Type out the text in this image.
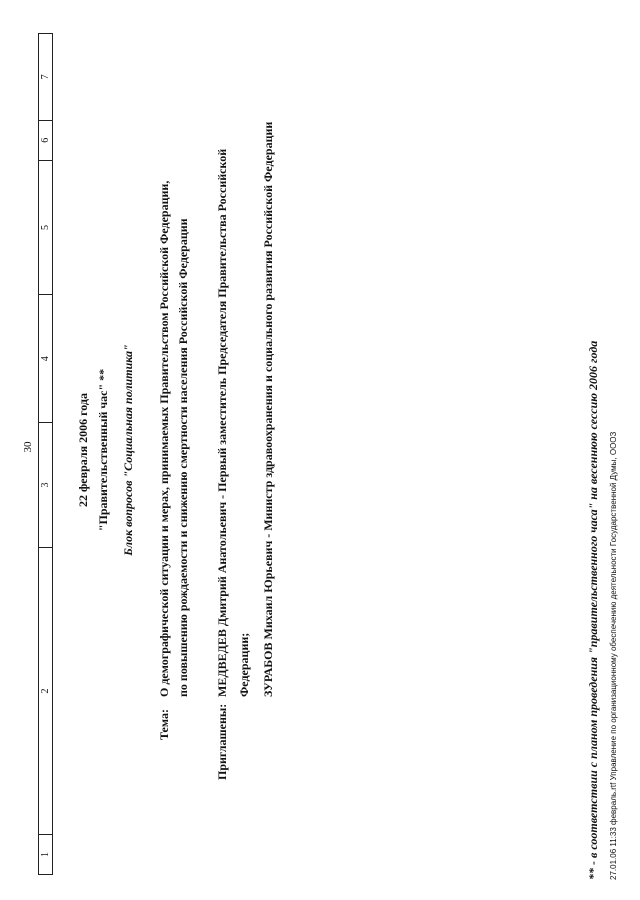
30
1
2
3
4
5
6
7
22 февраля 2006 года "Правительственный час" ** Блок вопросов "Социальная политика"
Тема:
О демографической ситуации и мерах, принимаемых Правительством Российской Федерации, по повышению рождаемости и снижению смертности населения Российской Федерации
Приглашены:
МЕДВЕДЕВ Дмитрий Анатольевич - Первый заместитель Председателя Правительства Российской Федерации; ЗУРАБОВ Михаил Юрьевич - Министр здравоохранения и социального развития Российской Федерации	** - в соответствии с планом проведения "правительственного часа" на весеннюю сессию 2006 года 27.01.06 11:33 февраль.rtf Управление по организационному обеспечению деятельности Государственной Думы, ОООЗ
